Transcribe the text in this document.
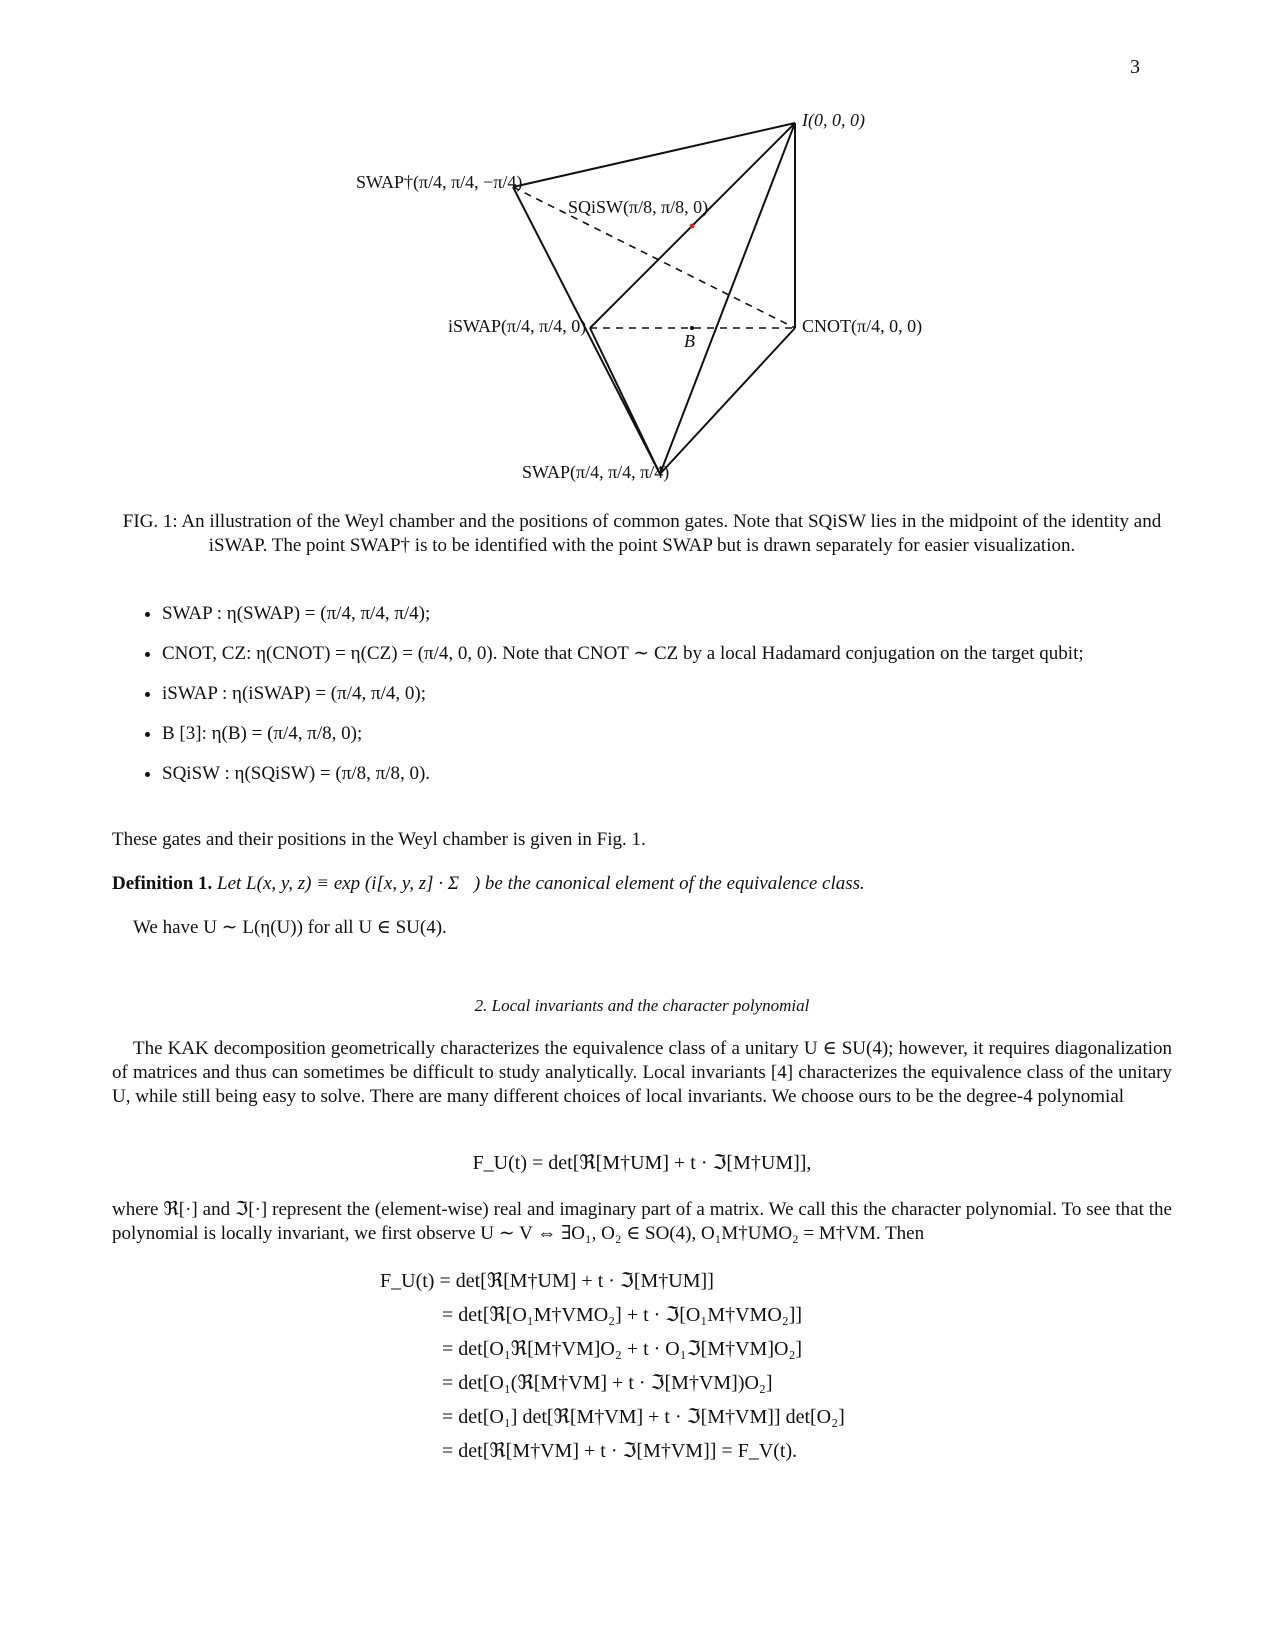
3
I(0, 0, 0)
SWAP†(π/4, π/4, −π/4)
SQiSW(π/8, π/8, 0)
iSWAP(π/4, π/4, 0)	CNOT(π/4, 0, 0)
B
SWAP(π/4, π/4, π/4)
FIG. 1: An illustration of the Weyl chamber and the positions of common gates. Note that SQiSW lies in the midpoint of the identity and iSWAP. The point SWAP† is to be identified with the point SWAP but is drawn separately for easier visualization.
• SWAP : η(SWAP) = (π/4, π/4, π/4);
• CNOT, CZ: η(CNOT) = η(CZ) = (π/4, 0, 0). Note that CNOT ∼ CZ by a local Hadamard conjugation on the target qubit;
• iSWAP : η(iSWAP) = (π/4, π/4, 0);
• B [3]: η(B) = (π/4, π/8, 0);
• SQiSW : η(SQiSW) = (π/8, π/8, 0).
These gates and their positions in the Weyl chamber is given in Fig. 1.
Definition 1. Let L(x, y, z) ≡ exp (i[x, y, z] · Σ⃗) be the canonical element of the equivalence class.
We have U ∼ L(η(U)) for all U ∈ SU(4).
2. Local invariants and the character polynomial
The KAK decomposition geometrically characterizes the equivalence class of a unitary U ∈ SU(4); however, it requires diagonalization of matrices and thus can sometimes be difficult to study analytically. Local invariants [4] characterizes the equivalence class of the unitary U, while still being easy to solve. There are many different choices of local invariants. We choose ours to be the degree-4 polynomial
F_U(t) = det[ℜ[M†UM] + t · ℑ[M†UM]],
where ℜ[·] and ℑ[·] represent the (element-wise) real and imaginary part of a matrix. We call this the character polynomial. To see that the polynomial is locally invariant, we first observe U ∼ V ⇔ ∃O₁, O₂ ∈ SO(4), O₁M†UMO₂ = M†VM. Then
F_U(t) = det[ℜ[M†UM] + t · ℑ[M†UM]]
= det[ℜ[O₁M†VMO₂] + t · ℑ[O₁M†VMO₂]]
= det[O₁ℜ[M†VM]O₂ + t · O₁ℑ[M†VM]O₂]
= det[O₁(ℜ[M†VM] + t · ℑ[M†VM])O₂]
= det[O₁] det[ℜ[M†VM] + t · ℑ[M†VM]] det[O₂]
= det[ℜ[M†VM] + t · ℑ[M†VM]] = F_V(t).
